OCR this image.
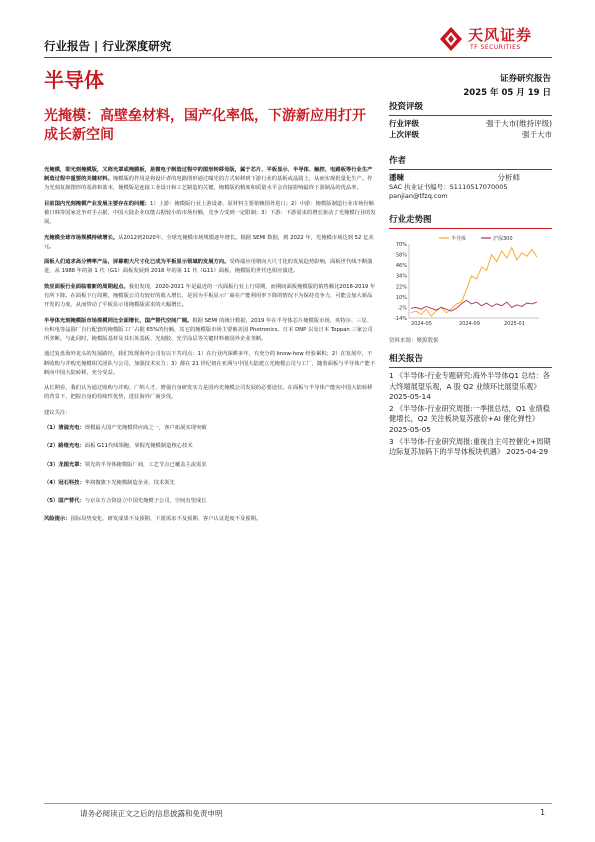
行业报告 | 行业深度研究
天风证券
TF SECURITIES
半导体	证券研究报告
2025 年 05 月 19 日
光掩模：高壁垒材料，国产化率低，下游新应用打开成长新空间

光掩模，即光刻掩模版，又称光罩或掩膜板，是微电子制造过程中的图形转移母版，属于芯片、平板显示、半导体、触控、电路板等行业生产制造过程中重要的关键材料。掩模版的作用是将设计者的电路图形通过曝光的方式转移到下游行业的基板或晶圆上，从而实现批量化生产。作为光刻复制图形的基准和蓝本，掩模版是连接工业设计和工艺制造的关键，掩模版的精度和质量水平会直接影响最终下游制品的优品率。

目前国内光刻掩模产业发展主要存在的问题：1）上游：掩模版行业上游设备、原材料主要依赖国外进口；2）中游：掩模版制造行业市场份额被日韩等国家竞争对手占据，中国大陆企业仅能占据较小的市场份额，竞争力受到一定限制；3）下游：下游需求的增长驱动了光掩模行业的发展。

光掩模全球市场规模持续增长。从2012到2020年，全球光掩模市场规模逐年增长。根据 SEMI 数据，到 2022 年，光掩模市场达到 52 亿美元。

面板人们追求高分辨率产品，屏幕朝大尺寸化已成为平板显示领域的发展方向。受终端应用朝向大尺寸化的发展趋势影响，面板世代线不断演进，从 1988 年的第 1 代（G1）面板发展到 2018 年的第 11 代（G11）面板，掩模版的世代也相应演进。

效应面板行业面临着新的周期起点。我们发现，2020-2021 年是最近的一次面板行业上行周期，而期间面板掩模版的销售额比2018-2019 年有所下降。在面板下行周期，掩模版公司有较好的收入增长，是因为平板显示厂商在产能利用率下降的情况下为保持竞争力，可能会加大新品开发的力度，从而带动了平板显示用掩模版需求的大幅增长。

半导体光刻掩模版市场规模同比全面增长，国产替代空间广阔。根据 SEMI 的统计数据，2019 年在半导体芯片掩模版市场，英特尔、三星、台积电等晶圆厂自行配套的掩模版工厂占据 65%的份额，其它的掩模版市场主要被美国 Photronics、日本 DNP 以及日本 Toppan 三家公司所垄断。与此同时，掩模版基材及其石英基板、光刻胶、光学涂层等关键材料被国外企业垄断。

通过复盘海外龙头的发展路径，我们发现海外公司有以下共同点：1）在行业内深耕多年，有充分的 know-how 经验累积；2）在发展中，不断收购与并购光掩模相关团队与公司，加强技术实力；3）都在 21 世纪初在亚洲与中国大陆建立光掩模公司与工厂，随着面板与半导体产能不断向中国大陆转移，充分受益。

从长期看，我们认为通过收购与并购、广纳人才，增强自身研发实力是国内光掩模公司发展的必要途径。在面板与半导体产能向中国大陆转移的背景下，把握自身的持续性优势，进驻海外厂商步伐。

建议关注：

（1）清溢光电：规模最大国产光掩模供应商之一，客户拓展实现突破

（2）路维光电：面板 G11代线领跑，掌握光掩模制造核心技术

（3）龙图光罩：领先的半导体掩模版厂商，工艺节点已覆盖主流需求

（4）冠石科技：华润微旗下光掩模制造企业，技术领先

（5）国产替代：与京东方合资设立中国光掩模子公司，空间有望成长

风险提示：国际局势变化、研发成果不及预期、下游需求不及预期、客户认证进度不及预期。

投资评级
行业评级	强于大市(维持评级)
上次评级	强于大市
作者
潘暕	分析师
SAC 执业证书编号：S1110517070005
panjian@tfzq.com
行业走势图
70%
58%
46%
34%
22%
10%
-2%
-14%
2024-05	2024-09	2025-01
半导体	沪深300
资料来源：聚源数据
相关报告
1 《半导体-行业专题研究:海外半导体Q1 总结：各大终端展望乐观，A 股 Q2 业绩环比展望乐观》 2025-05-14
2 《半导体-行业研究周报:一季报总结，Q1 业绩稳健增长，Q2 关注板块复苏涨价+AI 催化弹性》 2025-05-05
3 《半导体-行业研究周报:重视自主可控催化+周期边际复苏加码下的半导体板块机遇》 2025-04-29
请务必阅读正文之后的信息披露和免责申明	1
